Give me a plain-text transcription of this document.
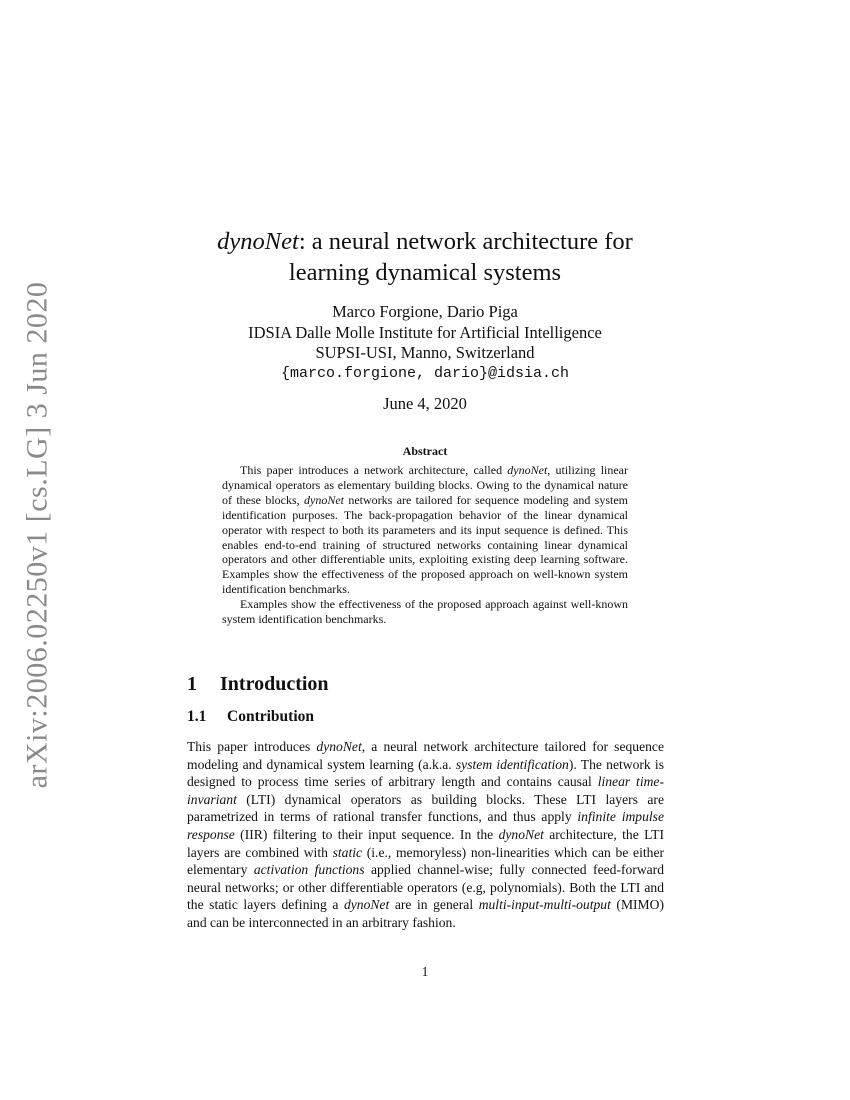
arXiv:2006.02250v1 [cs.LG] 3 Jun 2020
dynoNet: a neural network architecture for
learning dynamical systems
Marco Forgione, Dario Piga
IDSIA Dalle Molle Institute for Artificial Intelligence
SUPSI-USI, Manno, Switzerland
{marco.forgione, dario}@idsia.ch
June 4, 2020
Abstract

This paper introduces a network architecture, called dynoNet, utilizing linear dynamical operators as elementary building blocks. Owing to the dynamical nature of these blocks, dynoNet networks are tailored for sequence modeling and system identification purposes. The back-propagation behavior of the linear dynamical operator with respect to both its parameters and its input sequence is defined. This enables end-to-end training of structured networks containing linear dynamical operators and other differentiable units, exploiting existing deep learning software. Examples show the effectiveness of the proposed approach on well-known system identification benchmarks.

Examples show the effectiveness of the proposed approach against well-known system identification benchmarks.

1 Introduction
1.1 Contribution

This paper introduces dynoNet, a neural network architecture tailored for sequence modeling and dynamical system learning (a.k.a. system identification). The network is designed to process time series of arbitrary length and contains causal linear time-invariant (LTI) dynamical operators as building blocks. These LTI layers are parametrized in terms of rational transfer functions, and thus apply infinite impulse response (IIR) filtering to their input sequence. In the dynoNet architecture, the LTI layers are combined with static (i.e., memoryless) non-linearities which can be either elementary activation functions applied channel-wise; fully connected feed-forward neural networks; or other differentiable operators (e.g, polynomials). Both the LTI and the static layers defining a dynoNet are in general multi-input-multi-output (MIMO) and can be interconnected in an arbitrary fashion.

1
